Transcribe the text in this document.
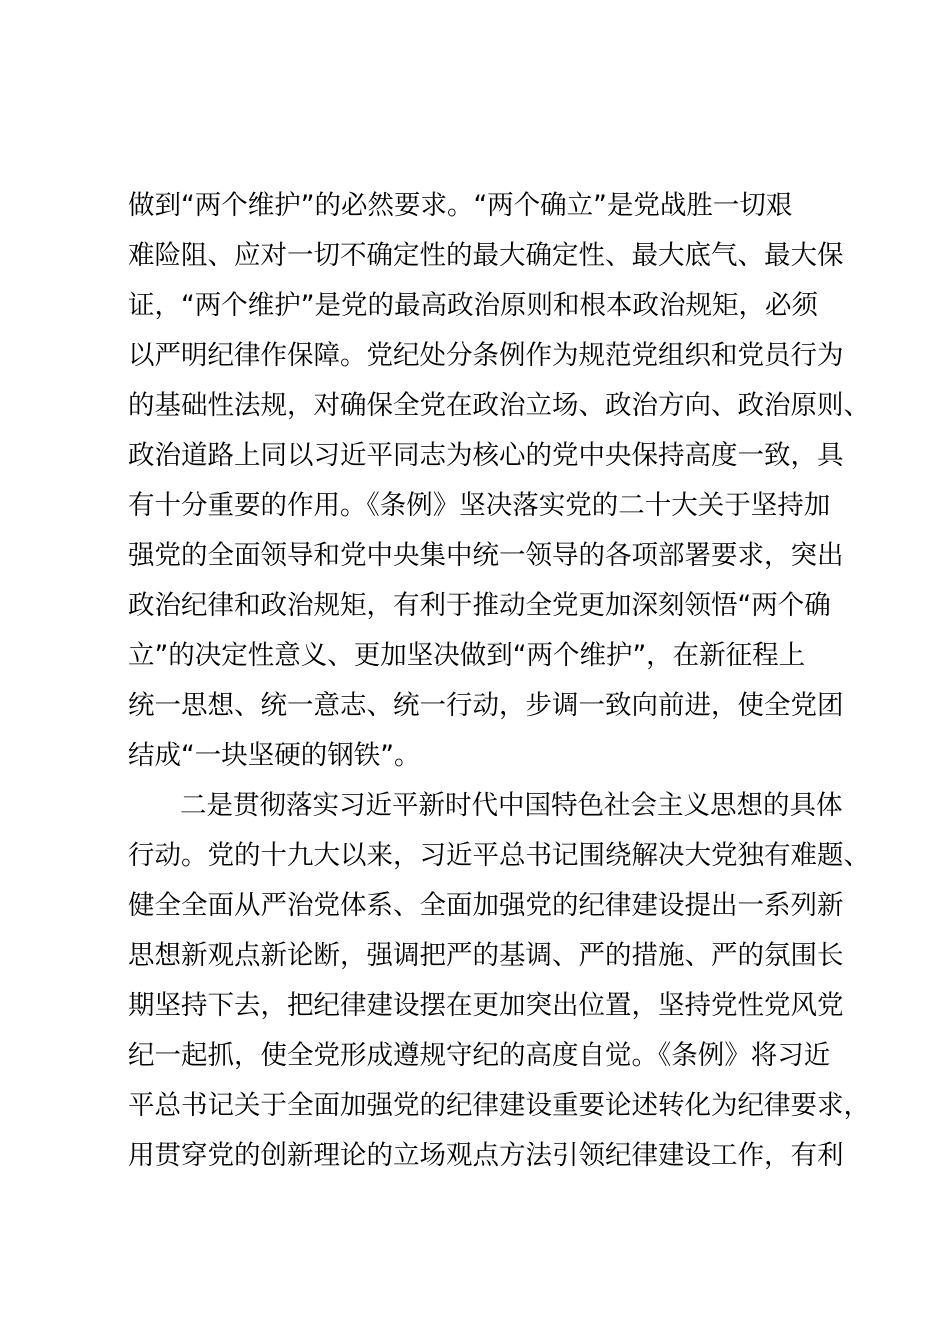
做到“两个维护”的必然要求。“两个确立”是党战胜一切艰
难险阻、应对一切不确定性的最大确定性、最大底气、最大保
证，“两个维护”是党的最高政治原则和根本政治规矩，必须
以严明纪律作保障。党纪处分条例作为规范党组织和党员行为
的基础性法规，对确保全党在政治立场、政治方向、政治原则、
政治道路上同以习近平同志为核心的党中央保持高度一致，具
有十分重要的作用。《条例》坚决落实党的二十大关于坚持加
强党的全面领导和党中央集中统一领导的各项部署要求，突出
政治纪律和政治规矩，有利于推动全党更加深刻领悟“两个确
立”的决定性意义、更加坚决做到“两个维护”，在新征程上
统一思想、统一意志、统一行动，步调一致向前进，使全党团
结成“一块坚硬的钢铁”。
二是贯彻落实习近平新时代中国特色社会主义思想的具体
行动。党的十九大以来，习近平总书记围绕解决大党独有难题、
健全全面从严治党体系、全面加强党的纪律建设提出一系列新
思想新观点新论断，强调把严的基调、严的措施、严的氛围长
期坚持下去，把纪律建设摆在更加突出位置，坚持党性党风党
纪一起抓，使全党形成遵规守纪的高度自觉。《条例》将习近
平总书记关于全面加强党的纪律建设重要论述转化为纪律要求，
用贯穿党的创新理论的立场观点方法引领纪律建设工作，有利
